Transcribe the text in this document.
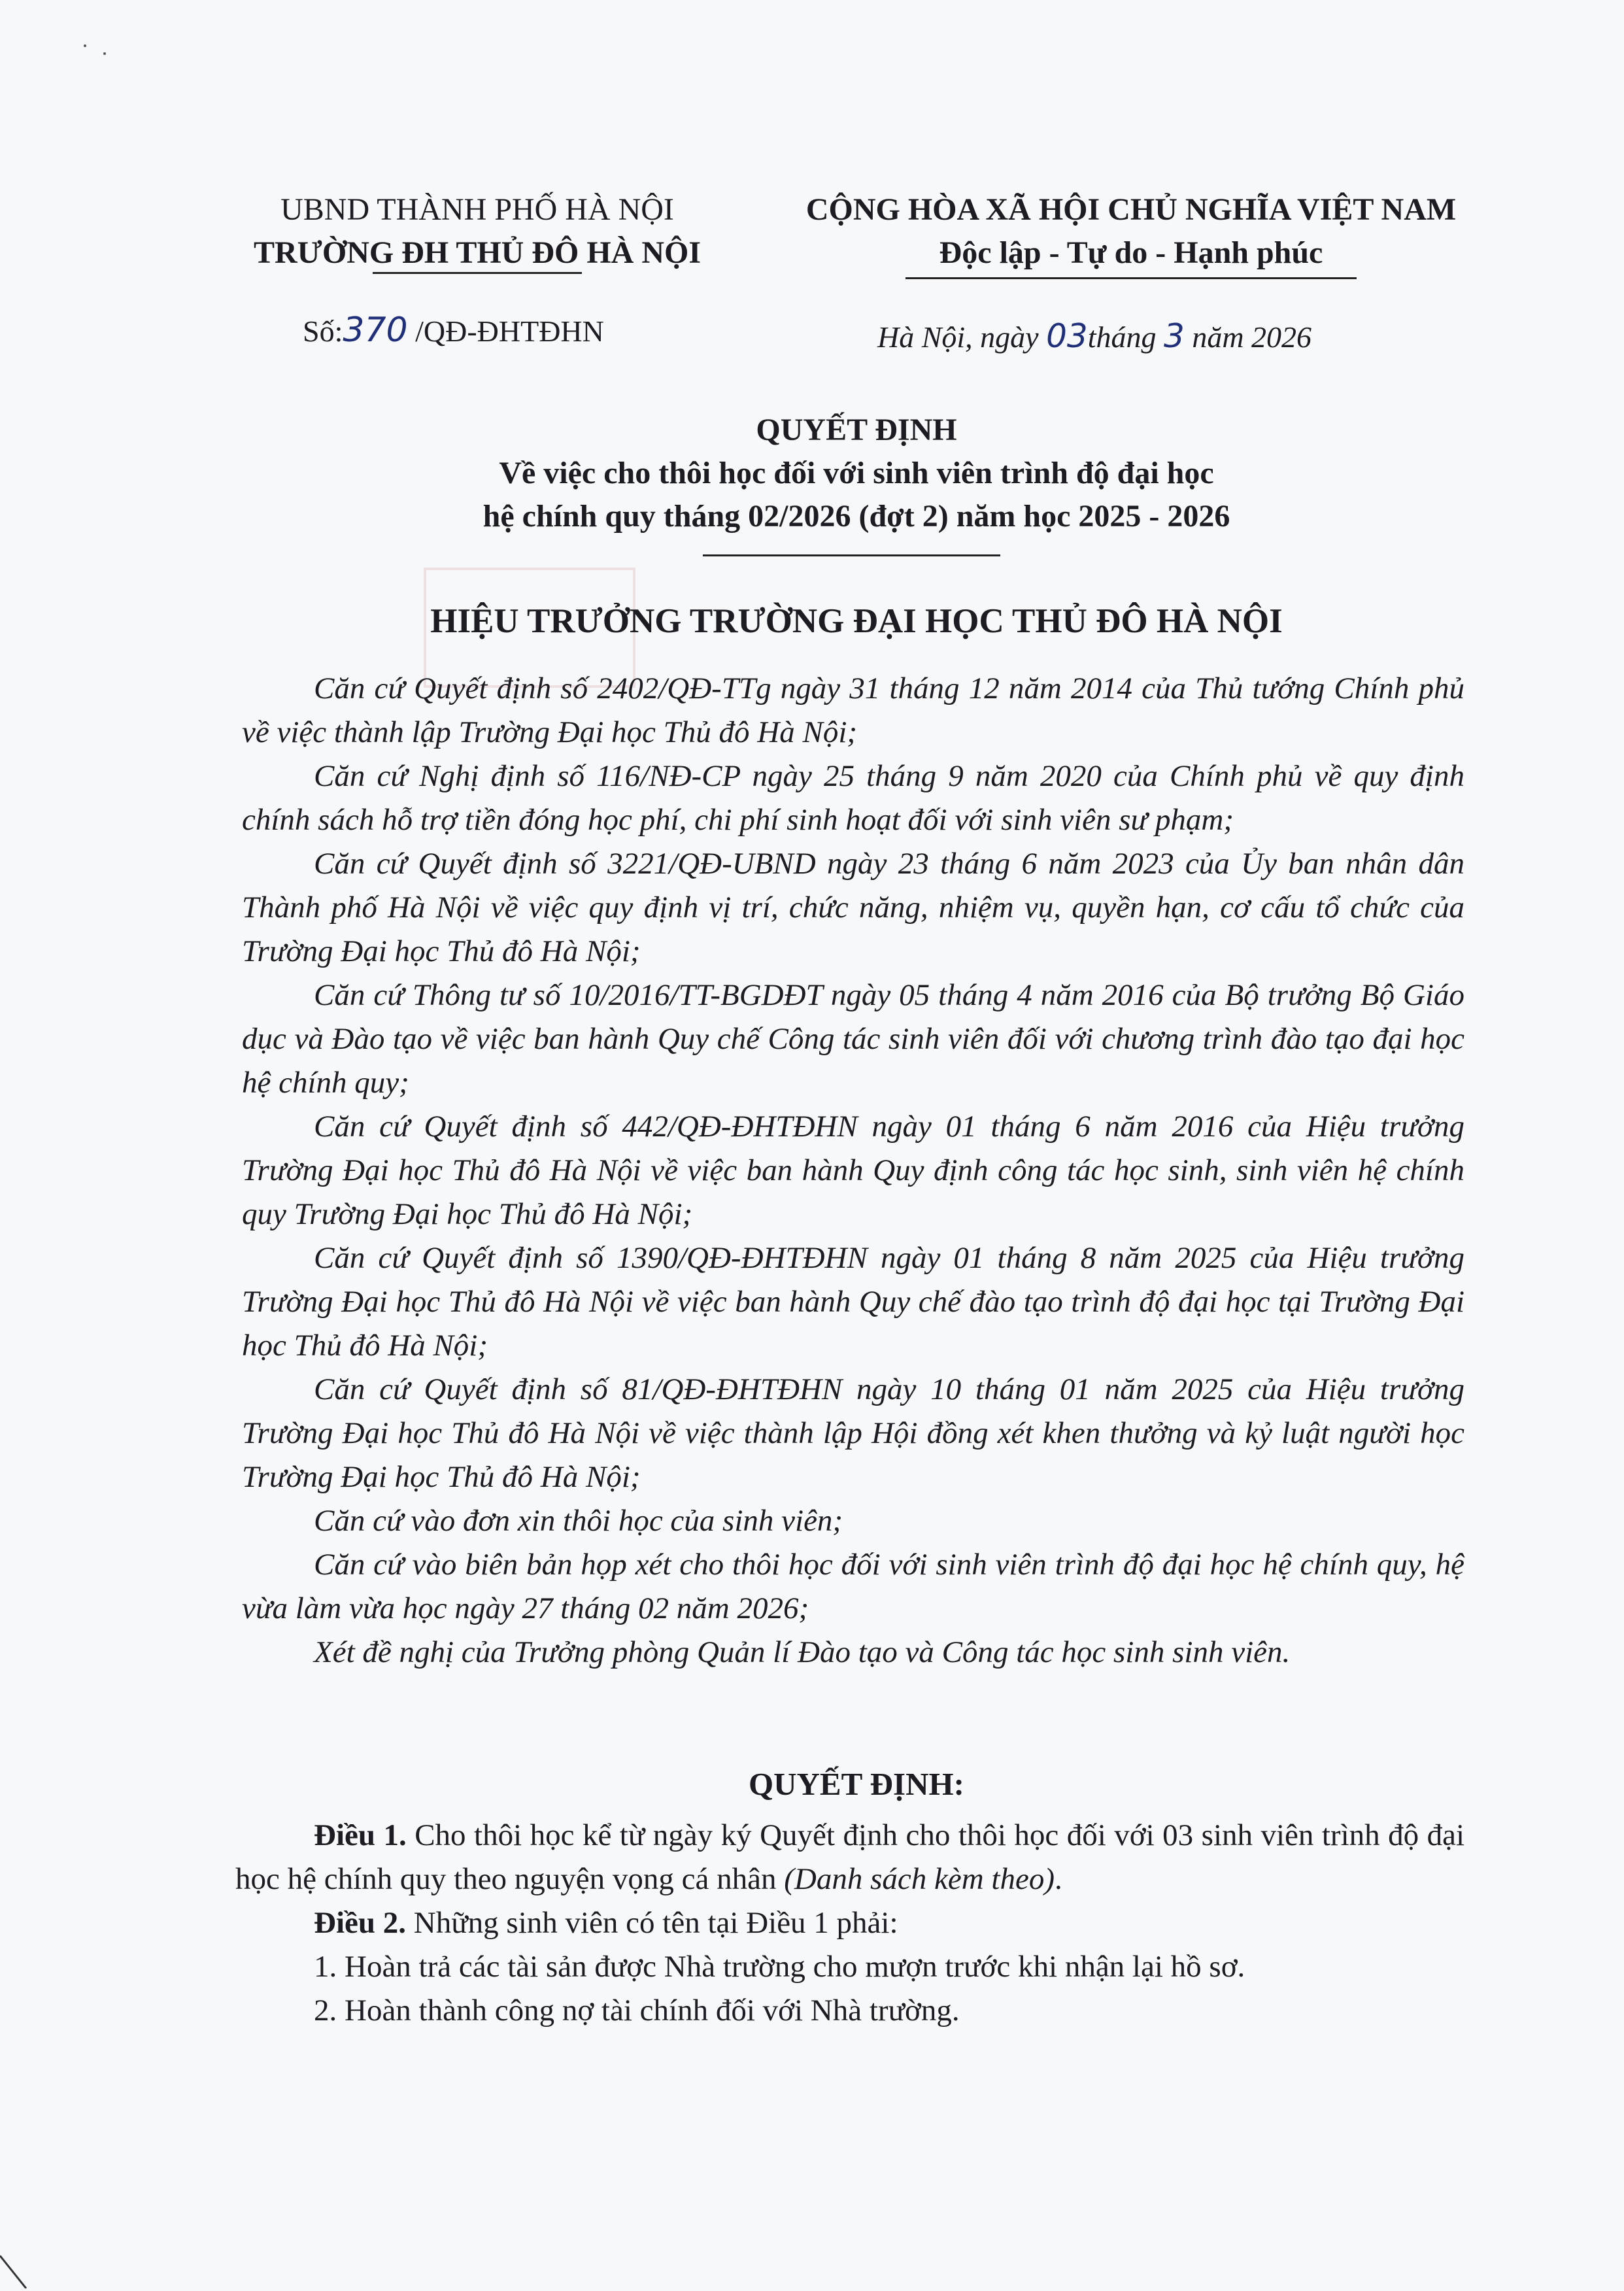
UBND THÀNH PHỐ HÀ NỘI
TRƯỜNG ĐH THỦ ĐÔ HÀ NỘI
CỘNG HÒA XÃ HỘI CHỦ NGHĨA VIỆT NAM
Độc lập - Tự do - Hạnh phúc
Số:370 /QĐ-ĐHTĐHN	Hà Nội, ngày 03tháng 3 năm 2026
QUYẾT ĐỊNH
Về việc cho thôi học đối với sinh viên trình độ đại học
hệ chính quy tháng 02/2026 (đợt 2) năm học 2025 - 2026
HIỆU TRƯỞNG TRƯỜNG ĐẠI HỌC THỦ ĐÔ HÀ NỘI

Căn cứ Quyết định số 2402/QĐ-TTg ngày 31 tháng 12 năm 2014 của Thủ tướng Chính phủ về việc thành lập Trường Đại học Thủ đô Hà Nội;

Căn cứ Nghị định số 116/NĐ-CP ngày 25 tháng 9 năm 2020 của Chính phủ về quy định chính sách hỗ trợ tiền đóng học phí, chi phí sinh hoạt đối với sinh viên sư phạm;

Căn cứ Quyết định số 3221/QĐ-UBND ngày 23 tháng 6 năm 2023 của Ủy ban nhân dân Thành phố Hà Nội về việc quy định vị trí, chức năng, nhiệm vụ, quyền hạn, cơ cấu tổ chức của Trường Đại học Thủ đô Hà Nội;

Căn cứ Thông tư số 10/2016/TT-BGDĐT ngày 05 tháng 4 năm 2016 của Bộ trưởng Bộ Giáo dục và Đào tạo về việc ban hành Quy chế Công tác sinh viên đối với chương trình đào tạo đại học hệ chính quy;

Căn cứ Quyết định số 442/QĐ-ĐHTĐHN ngày 01 tháng 6 năm 2016 của Hiệu trưởng Trường Đại học Thủ đô Hà Nội về việc ban hành Quy định công tác học sinh, sinh viên hệ chính quy Trường Đại học Thủ đô Hà Nội;

Căn cứ Quyết định số 1390/QĐ-ĐHTĐHN ngày 01 tháng 8 năm 2025 của Hiệu trưởng Trường Đại học Thủ đô Hà Nội về việc ban hành Quy chế đào tạo trình độ đại học tại Trường Đại học Thủ đô Hà Nội;

Căn cứ Quyết định số 81/QĐ-ĐHTĐHN ngày 10 tháng 01 năm 2025 của Hiệu trưởng Trường Đại học Thủ đô Hà Nội về việc thành lập Hội đồng xét khen thưởng và kỷ luật người học Trường Đại học Thủ đô Hà Nội;

Căn cứ vào đơn xin thôi học của sinh viên;

Căn cứ vào biên bản họp xét cho thôi học đối với sinh viên trình độ đại học hệ chính quy, hệ vừa làm vừa học ngày 27 tháng 02 năm 2026;

Xét đề nghị của Trưởng phòng Quản lí Đào tạo và Công tác học sinh sinh viên.

QUYẾT ĐỊNH:

Điều 1. Cho thôi học kể từ ngày ký Quyết định cho thôi học đối với 03 sinh viên trình độ đại học hệ chính quy theo nguyện vọng cá nhân (Danh sách kèm theo).

Điều 2. Những sinh viên có tên tại Điều 1 phải:

1. Hoàn trả các tài sản được Nhà trường cho mượn trước khi nhận lại hồ sơ.

2. Hoàn thành công nợ tài chính đối với Nhà trường.
